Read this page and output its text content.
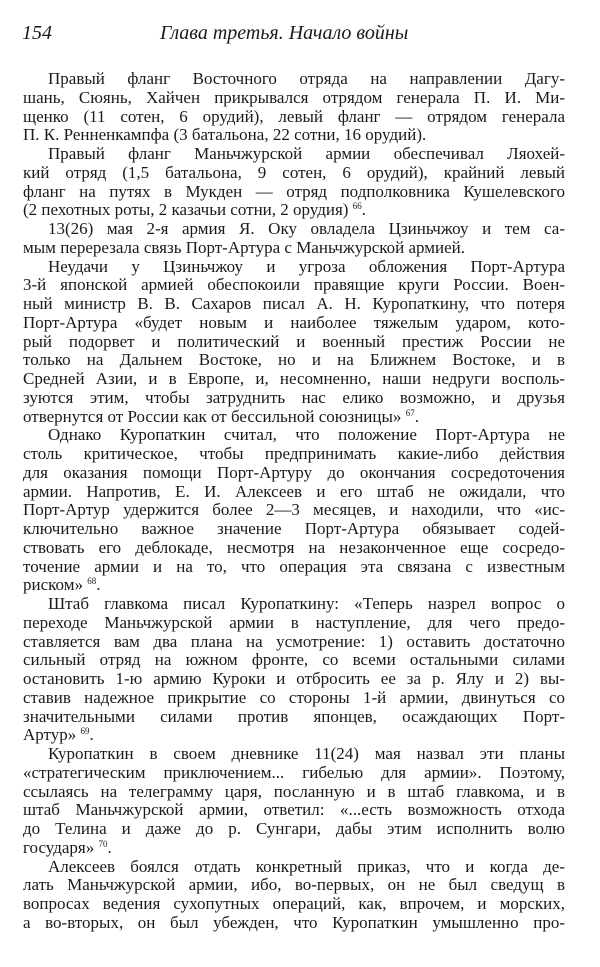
154	Глава третья. Начало войны
Правый фланг Восточного отряда на направлении Дагу-
шань, Сюянь, Хайчен прикрывался отрядом генерала П. И. Ми-
щенко (11 сотен, 6 орудий), левый фланг — отрядом генерала
П. К. Ренненкампфа (3 батальона, 22 сотни, 16 орудий).
Правый фланг Маньчжурской армии обеспечивал Ляохей-
кий отряд (1,5 батальона, 9 сотен, 6 орудий), крайний левый
фланг на путях в Мукден — отряд подполковника Кушелевского
(2 пехотных роты, 2 казачьи сотни, 2 орудия) $^{66}$.
13(26) мая 2-я армия Я. Оку овладела Цзиньчжоу и тем са-
мым перерезала связь Порт-Артура с Маньчжурской армией.
Неудачи у Цзиньчжоу и угроза обложения Порт-Артура
3-й японской армией обеспокоили правящие круги России. Воен-
ный министр В. В. Сахаров писал А. Н. Куропаткину, что потеря
Порт-Артура «будет новым и наиболее тяжелым ударом, кото-
рый подорвет и политический и военный престиж России не
только на Дальнем Востоке, но и на Ближнем Востоке, и в
Средней Азии, и в Европе, и, несомненно, наши недруги восполь-
зуются этим, чтобы затруднить нас елико возможно, и друзья
отвернутся от России как от бессильной союзницы» $^{67}$.
Однако Куропаткин считал, что положение Порт-Артура не
столь критическое, чтобы предпринимать какие-либо действия
для оказания помощи Порт-Артуру до окончания сосредоточения
армии. Напротив, Е. И. Алексеев и его штаб не ожидали, что
Порт-Артур удержится более 2—3 месяцев, и находили, что «ис-
ключительно важное значение Порт-Артура обязывает содей-
ствовать его деблокаде, несмотря на незаконченное еще сосредо-
точение армии и на то, что операция эта связана с известным
риском» $^{68}$.
Штаб главкома писал Куропаткину: «Теперь назрел вопрос о
переходе Маньчжурской армии в наступление, для чего предо-
ставляется вам два плана на усмотрение: 1) оставить достаточно
сильный отряд на южном фронте, со всеми остальными силами
остановить 1-ю армию Куроки и отбросить ее за р. Ялу и 2) вы-
ставив надежное прикрытие со стороны 1-й армии, двинуться со
значительными силами против японцев, осаждающих Порт-
Артур» $^{69}$.
Куропаткин в своем дневнике 11(24) мая назвал эти планы
«стратегическим приключением... гибелью для армии». Поэтому,
ссылаясь на телеграмму царя, посланную и в штаб главкома, и в
штаб Маньчжурской армии, ответил: «...есть возможность отхода
до Телина и даже до р. Сунгари, дабы этим исполнить волю
государя» $^{70}$.
Алексеев боялся отдать конкретный приказ, что и когда де-
лать Маньчжурской армии, ибо, во-первых, он не был сведущ в
вопросах ведения сухопутных операций, как, впрочем, и морских,
а во-вторых, он был убежден, что Куропаткин умышленно про-
